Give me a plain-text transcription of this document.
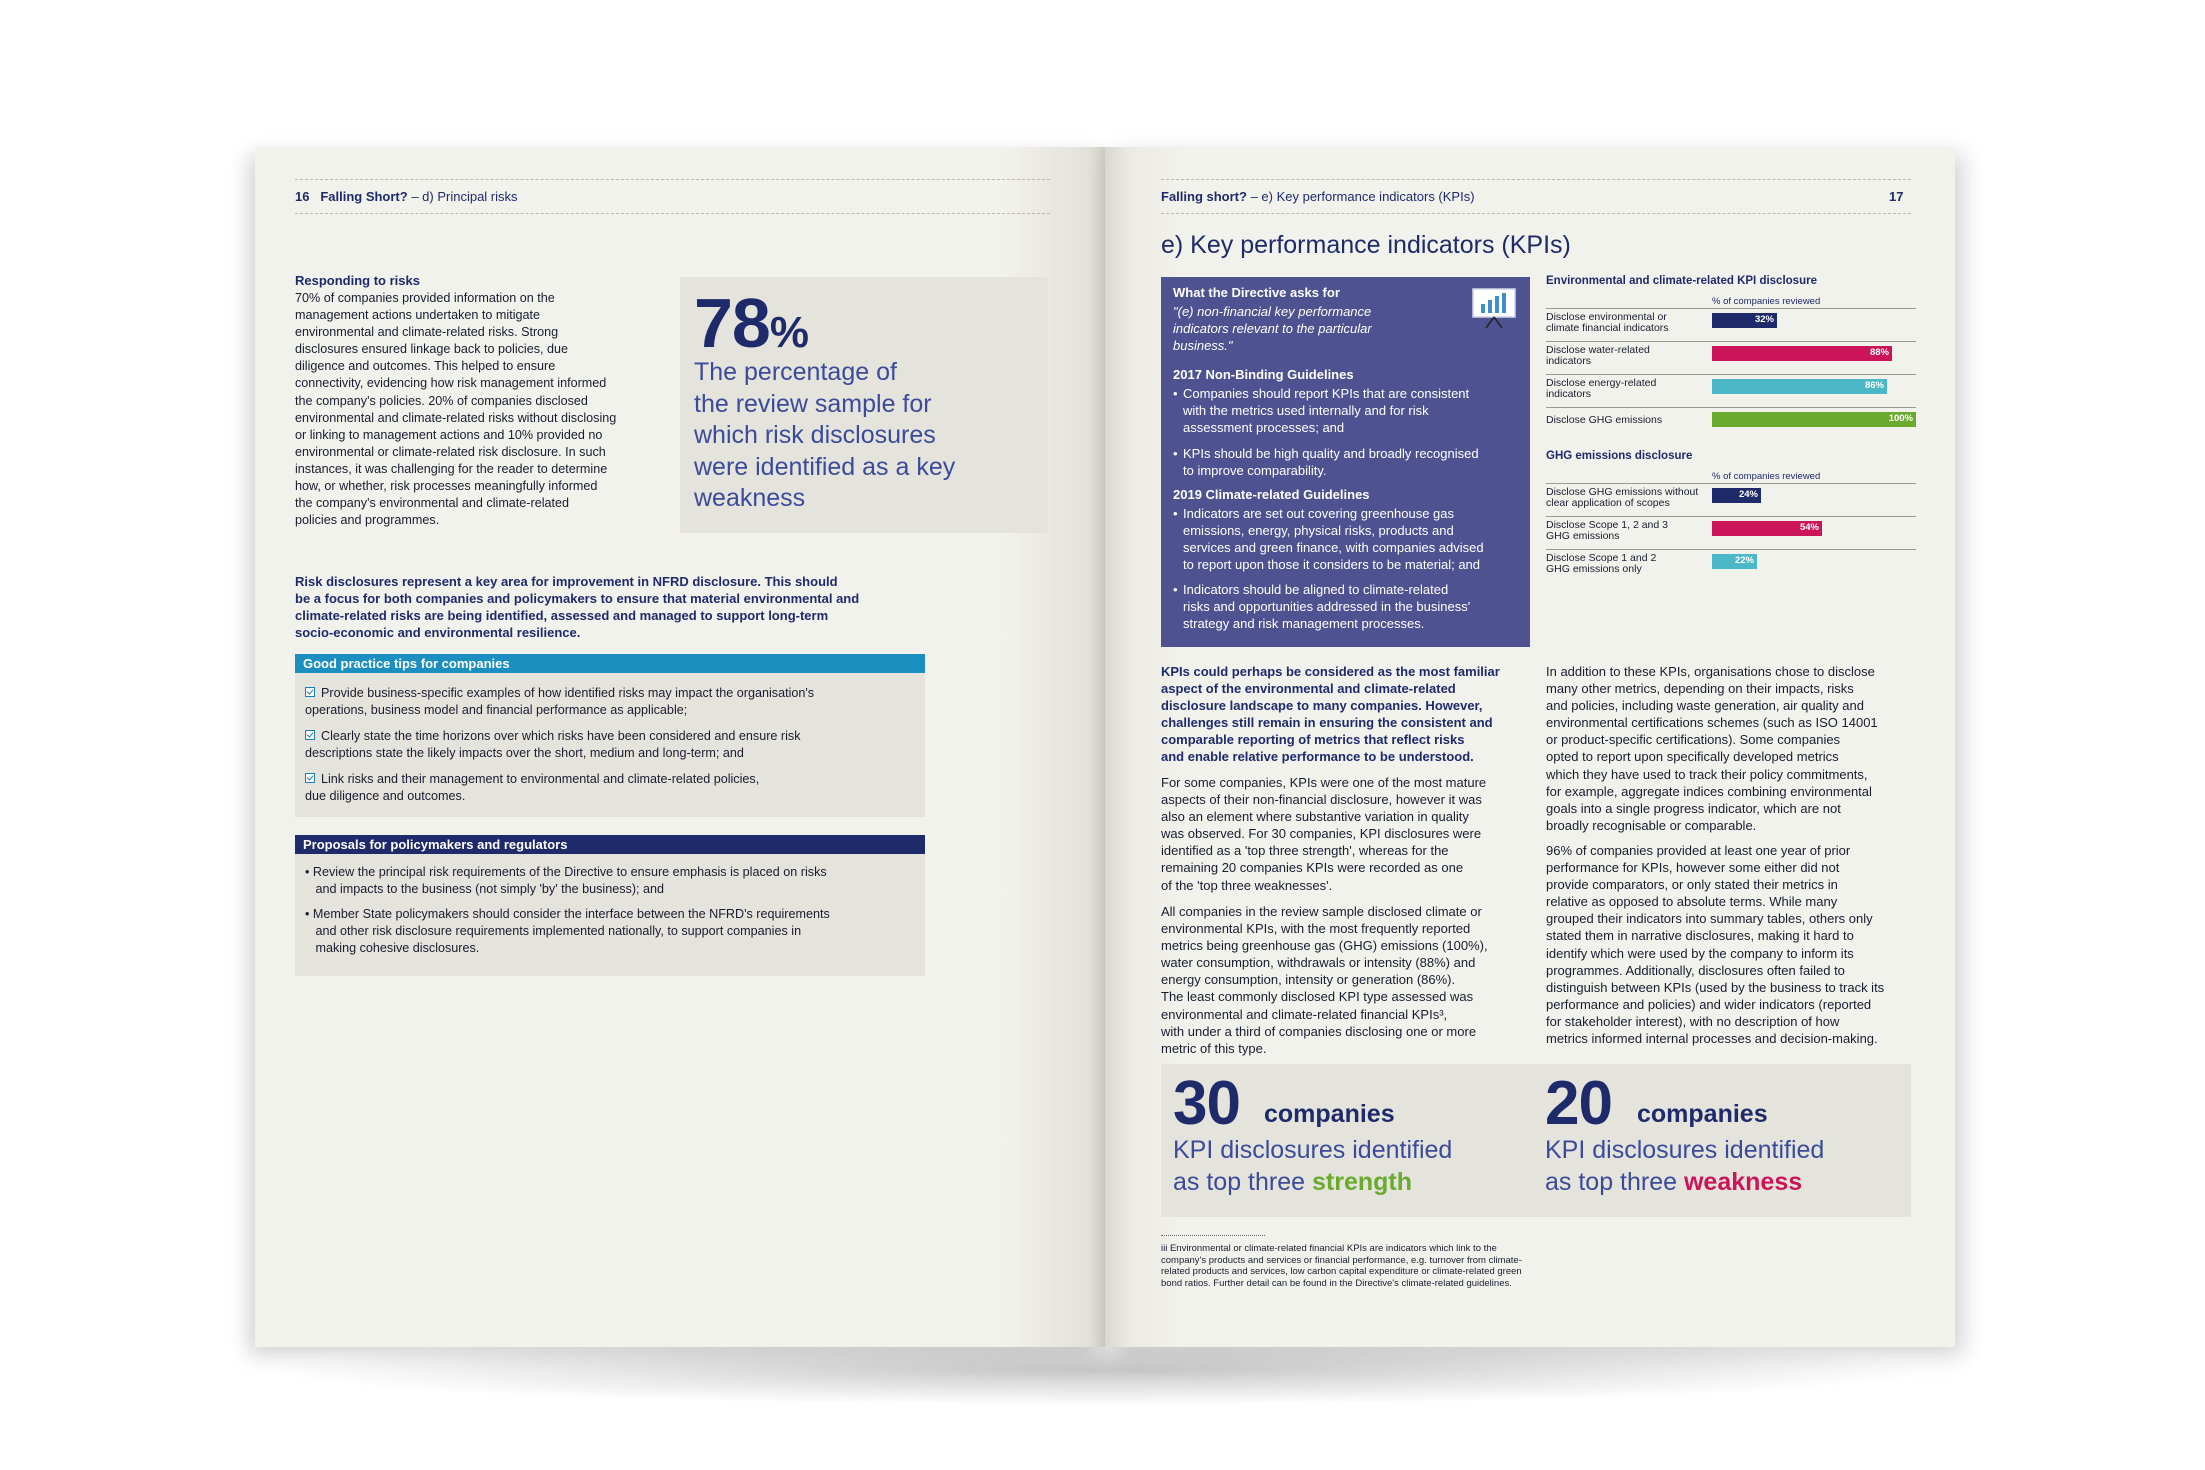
16 Falling Short? – d) Principal risks
Responding to risks
70% of companies provided information on the
management actions undertaken to mitigate
environmental and climate-related risks. Strong
disclosures ensured linkage back to policies, due
diligence and outcomes. This helped to ensure
connectivity, evidencing how risk management informed
the company's policies. 20% of companies disclosed
environmental and climate-related risks without disclosing
or linking to management actions and 10% provided no
environmental or climate-related risk disclosure. In such
instances, it was challenging for the reader to determine
how, or whether, risk processes meaningfully informed
the company's environmental and climate-related
policies and programmes.
78%
The percentage of
the review sample for
which risk disclosures
were identified as a key
weakness
Risk disclosures represent a key area for improvement in NFRD disclosure. This should
be a focus for both companies and policymakers to ensure that material environmental and
climate-related risks are being identified, assessed and managed to support long-term
socio-economic and environmental resilience.
Good practice tips for companies
Provide business-specific examples of how identified risks may impact the organisation's
operations, business model and financial performance as applicable;
Clearly state the time horizons over which risks have been considered and ensure risk
descriptions state the likely impacts over the short, medium and long-term; and
Link risks and their management to environmental and climate-related policies,
due diligence and outcomes.
Proposals for policymakers and regulators
• Review the principal risk requirements of the Directive to ensure emphasis is placed on risks
and impacts to the business (not simply 'by' the business); and
• Member State policymakers should consider the interface between the NFRD's requirements
and other risk disclosure requirements implemented nationally, to support companies in
making cohesive disclosures.
Falling short? – e) Key performance indicators (KPIs)	17
e) Key performance indicators (KPIs)
What the Directive asks for
"(e) non-financial key performance
indicators relevant to the particular
business."
2017 Non-Binding Guidelines
• Companies should report KPIs that are consistent
with the metrics used internally and for risk
assessment processes; and
• KPIs should be high quality and broadly recognised
to improve comparability.
2019 Climate-related Guidelines
• Indicators are set out covering greenhouse gas
emissions, energy, physical risks, products and
services and green finance, with companies advised
to report upon those it considers to be material; and
• Indicators should be aligned to climate-related
risks and opportunities addressed in the business'
strategy and risk management processes.
Environmental and climate-related KPI disclosure
% of companies reviewed
Disclose environmental or
climate financial indicators
32%
Disclose water-related
indicators
88%
Disclose energy-related
indicators
86%
Disclose GHG emissions	100%
GHG emissions disclosure
% of companies reviewed
Disclose GHG emissions without
clear application of scopes
24%
Disclose Scope 1, 2 and 3
GHG emissions
54%
Disclose Scope 1 and 2
GHG emissions only
22%
KPIs could perhaps be considered as the most familiar
aspect of the environmental and climate-related
disclosure landscape to many companies. However,
challenges still remain in ensuring the consistent and
comparable reporting of metrics that reflect risks
and enable relative performance to be understood.
For some companies, KPIs were one of the most mature
aspects of their non-financial disclosure, however it was
also an element where substantive variation in quality
was observed. For 30 companies, KPI disclosures were
identified as a 'top three strength', whereas for the
remaining 20 companies KPIs were recorded as one
of the 'top three weaknesses'.
All companies in the review sample disclosed climate or
environmental KPIs, with the most frequently reported
metrics being greenhouse gas (GHG) emissions (100%),
water consumption, withdrawals or intensity (88%) and
energy consumption, intensity or generation (86%).
The least commonly disclosed KPI type assessed was
environmental and climate-related financial KPIs³,
with under a third of companies disclosing one or more
metric of this type.
In addition to these KPIs, organisations chose to disclose
many other metrics, depending on their impacts, risks
and policies, including waste generation, air quality and
environmental certifications schemes (such as ISO 14001
or product-specific certifications). Some companies
opted to report upon specifically developed metrics
which they have used to track their policy commitments,
for example, aggregate indices combining environmental
goals into a single progress indicator, which are not
broadly recognisable or comparable.
96% of companies provided at least one year of prior
performance for KPIs, however some either did not
provide comparators, or only stated their metrics in
relative as opposed to absolute terms. While many
grouped their indicators into summary tables, others only
stated them in narrative disclosures, making it hard to
identify which were used by the company to inform its
programmes. Additionally, disclosures often failed to
distinguish between KPIs (used by the business to track its
performance and policies) and wider indicators (reported
for stakeholder interest), with no description of how
metrics informed internal processes and decision-making.
30 companies
KPI disclosures identified
as top three strength
20 companies
KPI disclosures identified
as top three weakness
iii Environmental or climate-related financial KPIs are indicators which link to the
company's products and services or financial performance, e.g. turnover from climate-
related products and services, low carbon capital expenditure or climate-related green
bond ratios. Further detail can be found in the Directive's climate-related guidelines.
